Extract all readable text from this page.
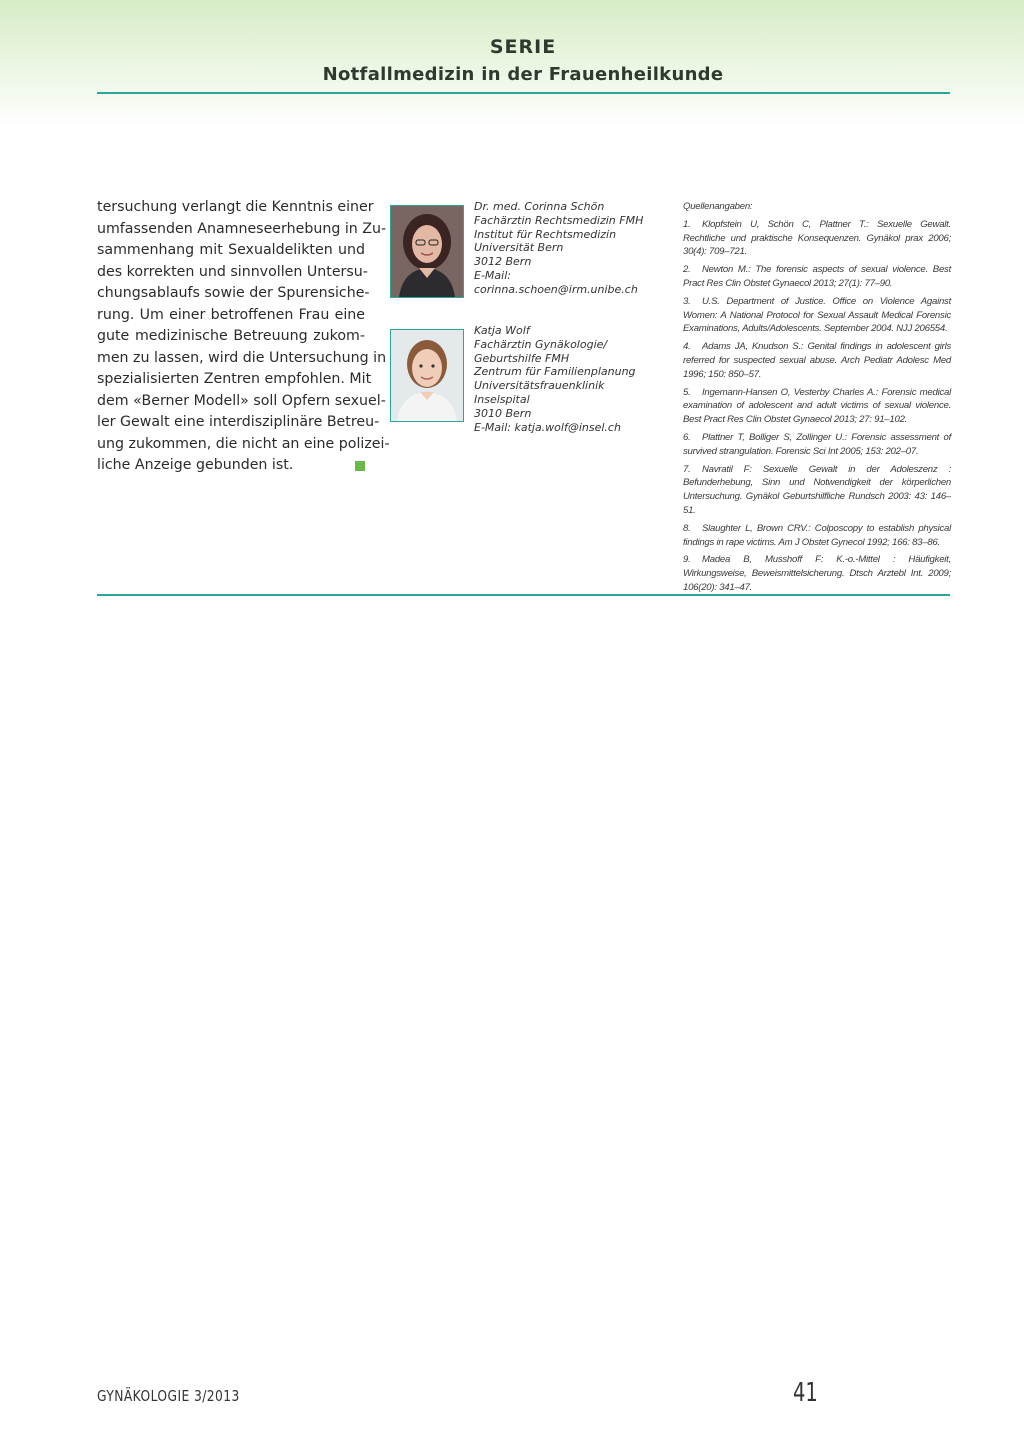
SERIE
Notfallmedizin in der Frauenheilkunde
tersuchung verlangt die Kenntnis einer
umfassenden Anamneseerhebung in Zu-
sammenhang mit Sexualdelikten und
des korrekten und sinnvollen Untersu-
chungsablaufs sowie der Spurensiche-
rung. Um einer betroffenen Frau eine
gute medizinische Betreuung zukom-
men zu lassen, wird die Untersuchung in
spezialisierten Zentren empfohlen. Mit
dem «Berner Modell» soll Opfern sexuel-
ler Gewalt eine interdisziplinäre Betreu-
ung zukommen, die nicht an eine polizei-
liche Anzeige gebunden ist.
Dr. med. Corinna Schön
Fachärztin Rechtsmedizin FMH
Institut für Rechtsmedizin
Universität Bern
3012 Bern
E-Mail:
corinna.schoen@irm.unibe.ch
Katja Wolf
Fachärztin Gynäkologie/
Geburtshilfe FMH
Zentrum für Familienplanung
Universitätsfrauenklinik
Inselspital
3010 Bern
E-Mail: katja.wolf@insel.ch
Quellenangaben:
1. Klopfstein U, Schön C, Plattner T.: Sexuelle Gewalt. Rechtliche und praktische Konsequenzen. Gynäkol prax 2006; 30(4): 709–721.
2. Newton M.: The forensic aspects of sexual violence. Best Pract Res Clin Obstet Gynaecol 2013; 27(1): 77–90.
3. U.S. Department of Justice. Office on Violence Against Women: A National Protocol for Sexual Assault Medical Forensic Examinations, Adults/Adolescents. September 2004. NJJ 206554.
4. Adams JA, Knudson S.: Genital findings in adolescent girls referred for suspected sexual abuse. Arch Pediatr Adolesc Med 1996; 150: 850–57.
5. Ingemann-Hansen O, Vesterby Charles A.: Forensic medical examination of adolescent and adult victims of sexual violence. Best Pract Res Clin Obstet Gynaecol 2013; 27: 91–102.
6. Plattner T, Bolliger S, Zollinger U.: Forensic assessment of survived strangulation. Forensic Sci Int 2005; 153: 202–07.
7. Navratil F: Sexuelle Gewalt in der Adoleszenz : Befunderhebung, Sinn und Notwendigkeit der körperlichen Untersuchung. Gynäkol Geburtshilfliche Rundsch 2003: 43: 146–51.
8. Slaughter L, Brown CRV.: Colposcopy to establish physical findings in rape victims. Am J Obstet Gynecol 1992; 166: 83–86.
9. Madea B, Musshoff F: K.-o.-Mittel : Häufigkeit, Wirkungsweise, Beweismittelsicherung. Dtsch Arztebl Int. 2009; 106(20): 341–47.
GYNÄKOLOGIE 3/2013	41
